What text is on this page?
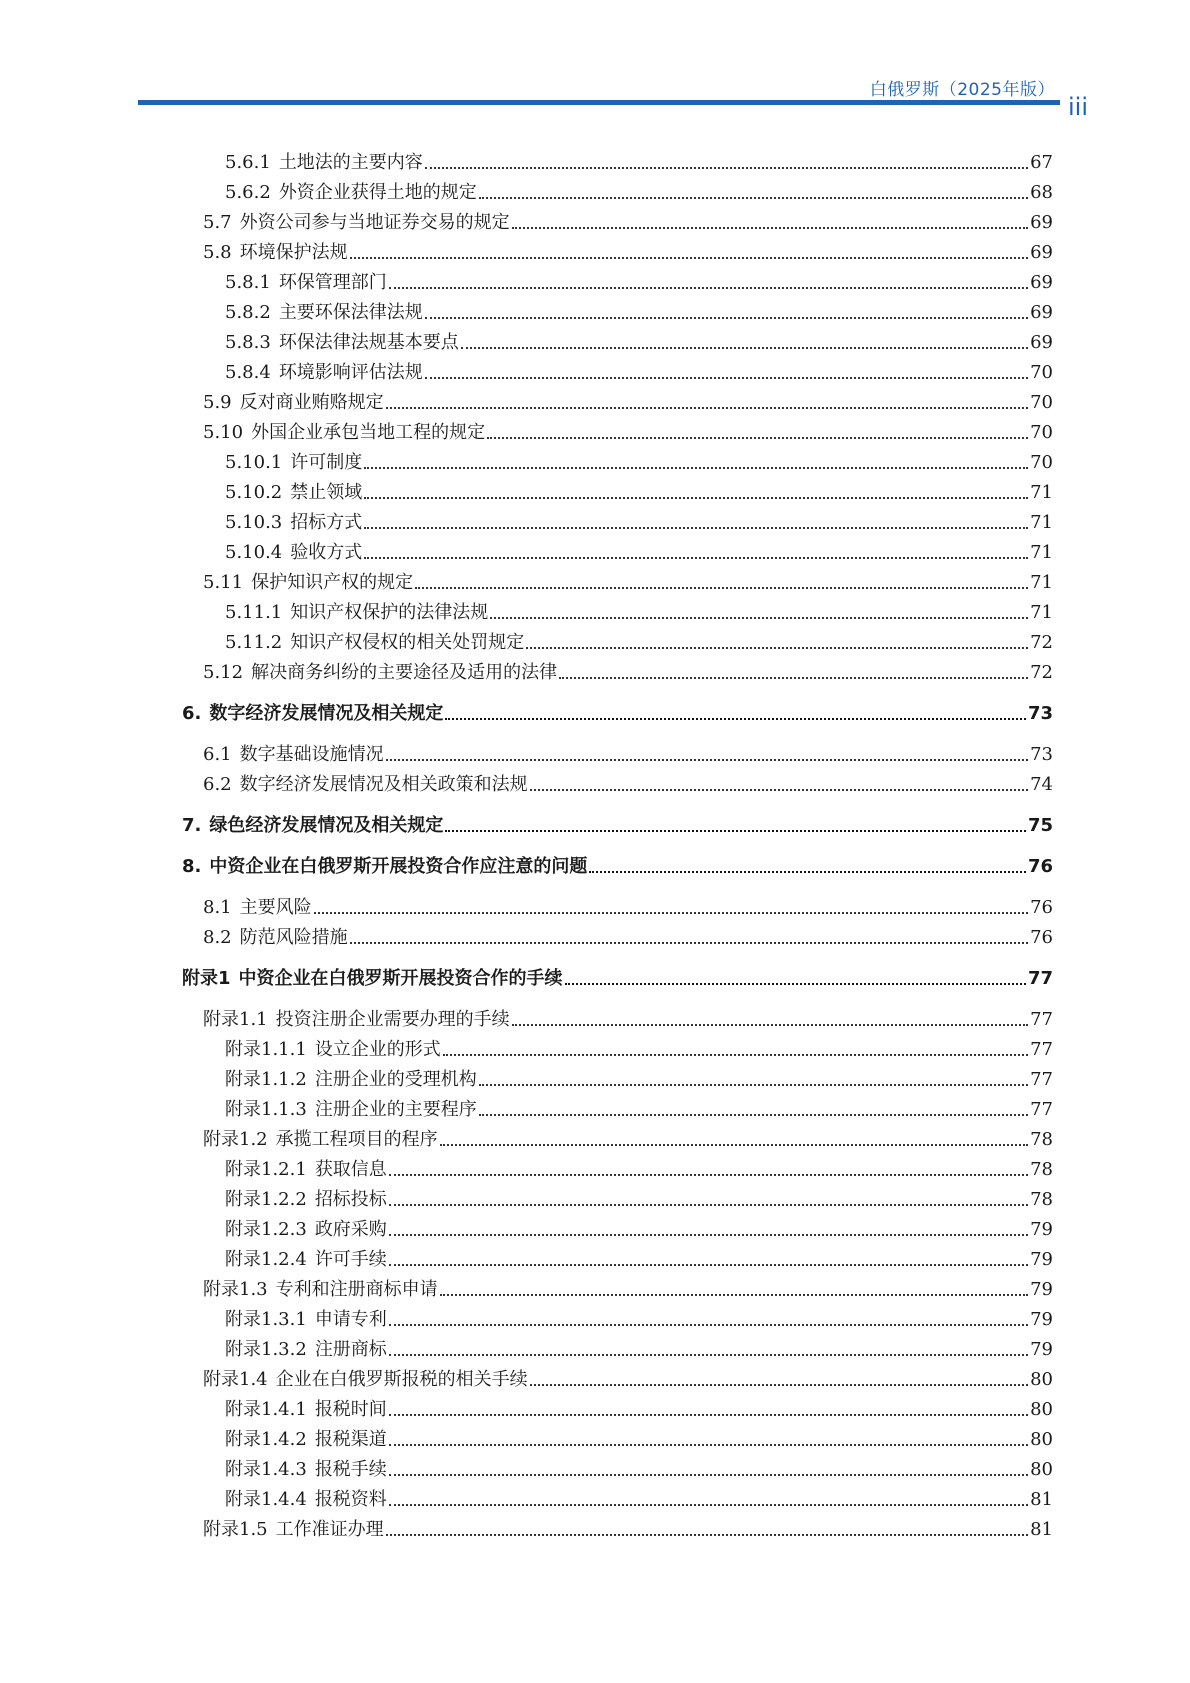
白俄罗斯（2025年版）
iii
5.6.1 土地法的主要内容	67
5.6.2 外资企业获得土地的规定	68
5.7 外资公司参与当地证券交易的规定	69
5.8 环境保护法规	69
5.8.1 环保管理部门	69
5.8.2 主要环保法律法规	69
5.8.3 环保法律法规基本要点	69
5.8.4 环境影响评估法规	70
5.9 反对商业贿赂规定	70
5.10 外国企业承包当地工程的规定	70
5.10.1 许可制度	70
5.10.2 禁止领域	71
5.10.3 招标方式	71
5.10.4 验收方式	71
5.11 保护知识产权的规定	71
5.11.1 知识产权保护的法律法规	71
5.11.2 知识产权侵权的相关处罚规定	72
5.12 解决商务纠纷的主要途径及适用的法律	72
6. 数字经济发展情况及相关规定	73
6.1 数字基础设施情况	73
6.2 数字经济发展情况及相关政策和法规	74
7. 绿色经济发展情况及相关规定	75
8. 中资企业在白俄罗斯开展投资合作应注意的问题	76
8.1 主要风险	76
8.2 防范风险措施	76
附录1 中资企业在白俄罗斯开展投资合作的手续	77
附录1.1 投资注册企业需要办理的手续	77
附录1.1.1 设立企业的形式	77
附录1.1.2 注册企业的受理机构	77
附录1.1.3 注册企业的主要程序	77
附录1.2 承揽工程项目的程序	78
附录1.2.1 获取信息	78
附录1.2.2 招标投标	78
附录1.2.3 政府采购	79
附录1.2.4 许可手续	79
附录1.3 专利和注册商标申请	79
附录1.3.1 申请专利	79
附录1.3.2 注册商标	79
附录1.4 企业在白俄罗斯报税的相关手续	80
附录1.4.1 报税时间	80
附录1.4.2 报税渠道	80
附录1.4.3 报税手续	80
附录1.4.4 报税资料	81
附录1.5 工作准证办理	81
